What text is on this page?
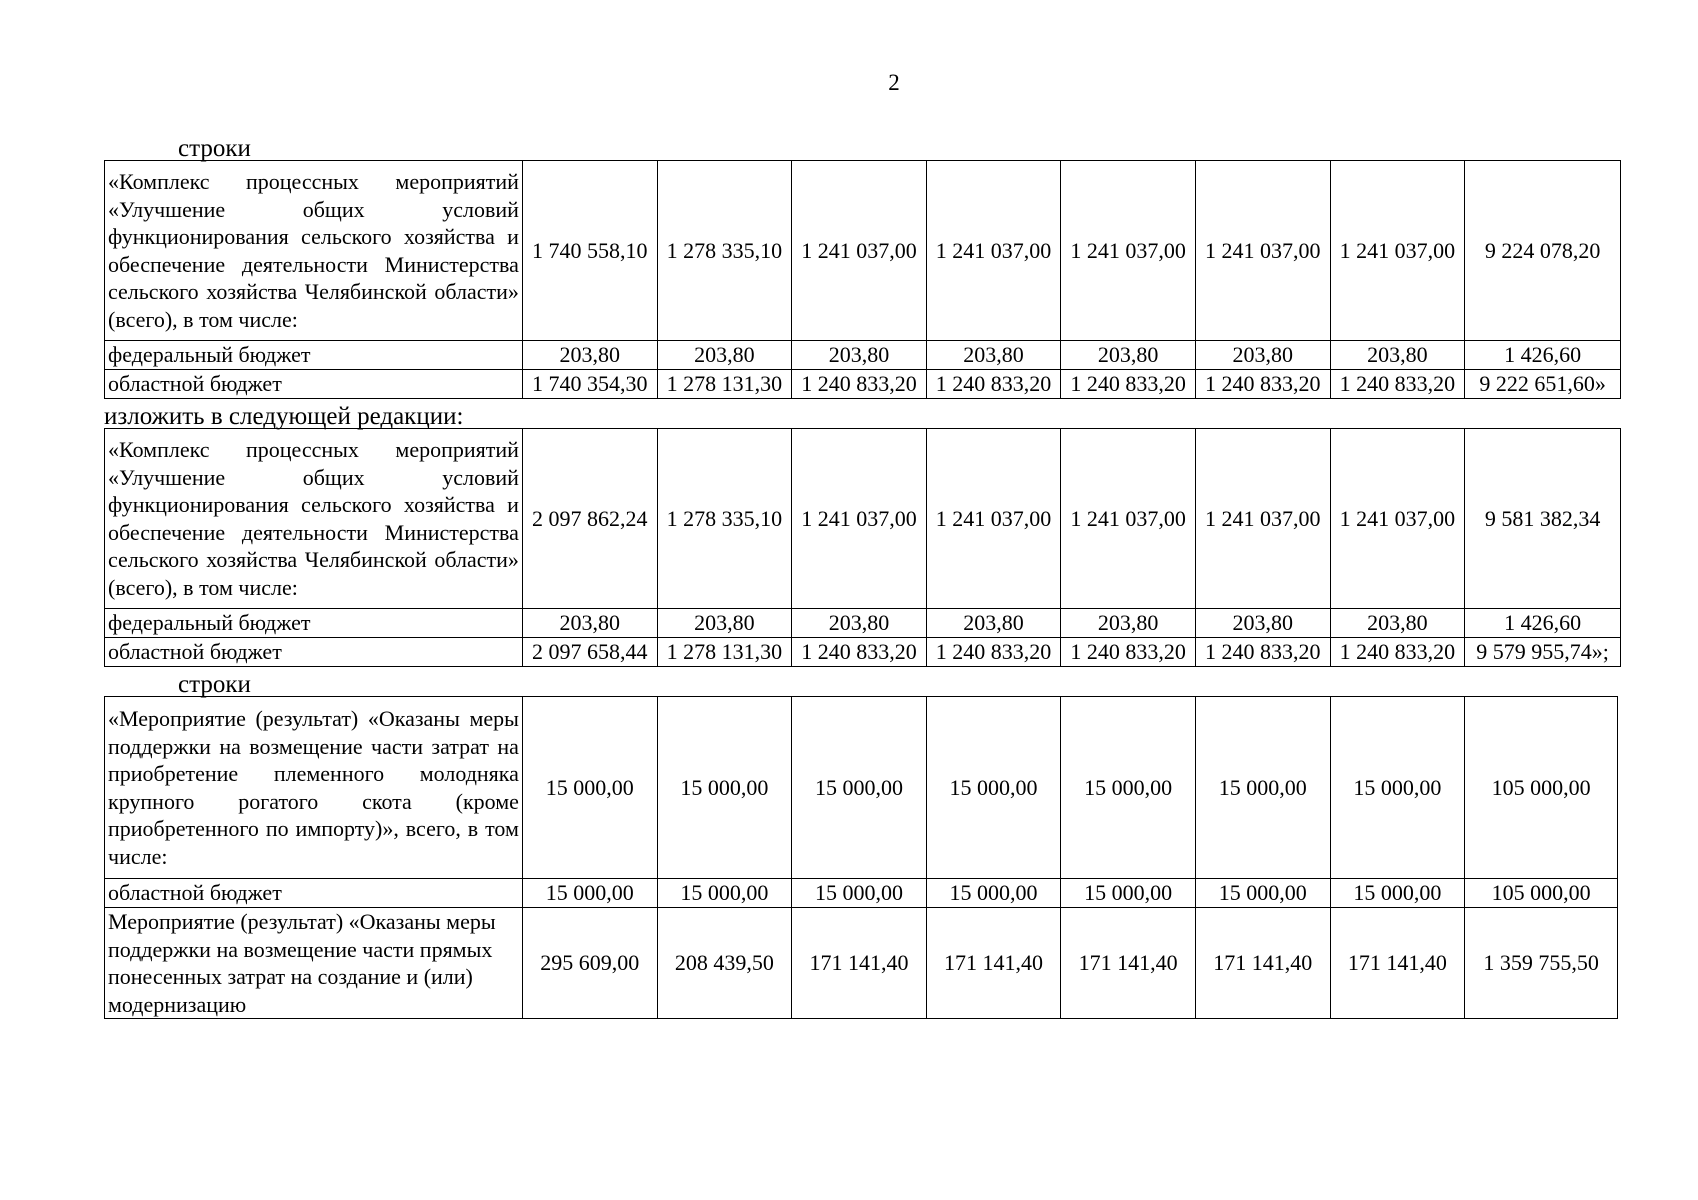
2
строки
«Комплекс процессных мероприятий «Улучшение общих условий функционирования сельского хозяйства и обеспечение деятельности Министерства сельского хозяйства Челябинской области» (всего), в том числе:	1 740 558,10	1 278 335,10	1 241 037,00	1 241 037,00	1 241 037,00	1 241 037,00	1 241 037,00	9 224 078,20
федеральный бюджет	203,80	203,80	203,80	203,80	203,80	203,80	203,80	1 426,60
областной бюджет	1 740 354,30	1 278 131,30	1 240 833,20	1 240 833,20	1 240 833,20	1 240 833,20	1 240 833,20	9 222 651,60»
изложить в следующей редакции:
«Комплекс процессных мероприятий «Улучшение общих условий функционирования сельского хозяйства и обеспечение деятельности Министерства сельского хозяйства Челябинской области» (всего), в том числе:	2 097 862,24	1 278 335,10	1 241 037,00	1 241 037,00	1 241 037,00	1 241 037,00	1 241 037,00	9 581 382,34
федеральный бюджет	203,80	203,80	203,80	203,80	203,80	203,80	203,80	1 426,60
областной бюджет	2 097 658,44	1 278 131,30	1 240 833,20	1 240 833,20	1 240 833,20	1 240 833,20	1 240 833,20	9 579 955,74»;
строки
«Мероприятие (результат) «Оказаны меры поддержки на возмещение части затрат на приобретение племенного молодняка крупного рогатого скота (кроме приобретенного по импорту)», всего, в том числе:	15 000,00	15 000,00	15 000,00	15 000,00	15 000,00	15 000,00	15 000,00	105 000,00
областной бюджет	15 000,00	15 000,00	15 000,00	15 000,00	15 000,00	15 000,00	15 000,00	105 000,00
Мероприятие (результат) «Оказаны меры поддержки на возмещение части прямых понесенных затрат на создание и (или) модернизацию	295 609,00	208 439,50	171 141,40	171 141,40	171 141,40	171 141,40	171 141,40	1 359 755,50
